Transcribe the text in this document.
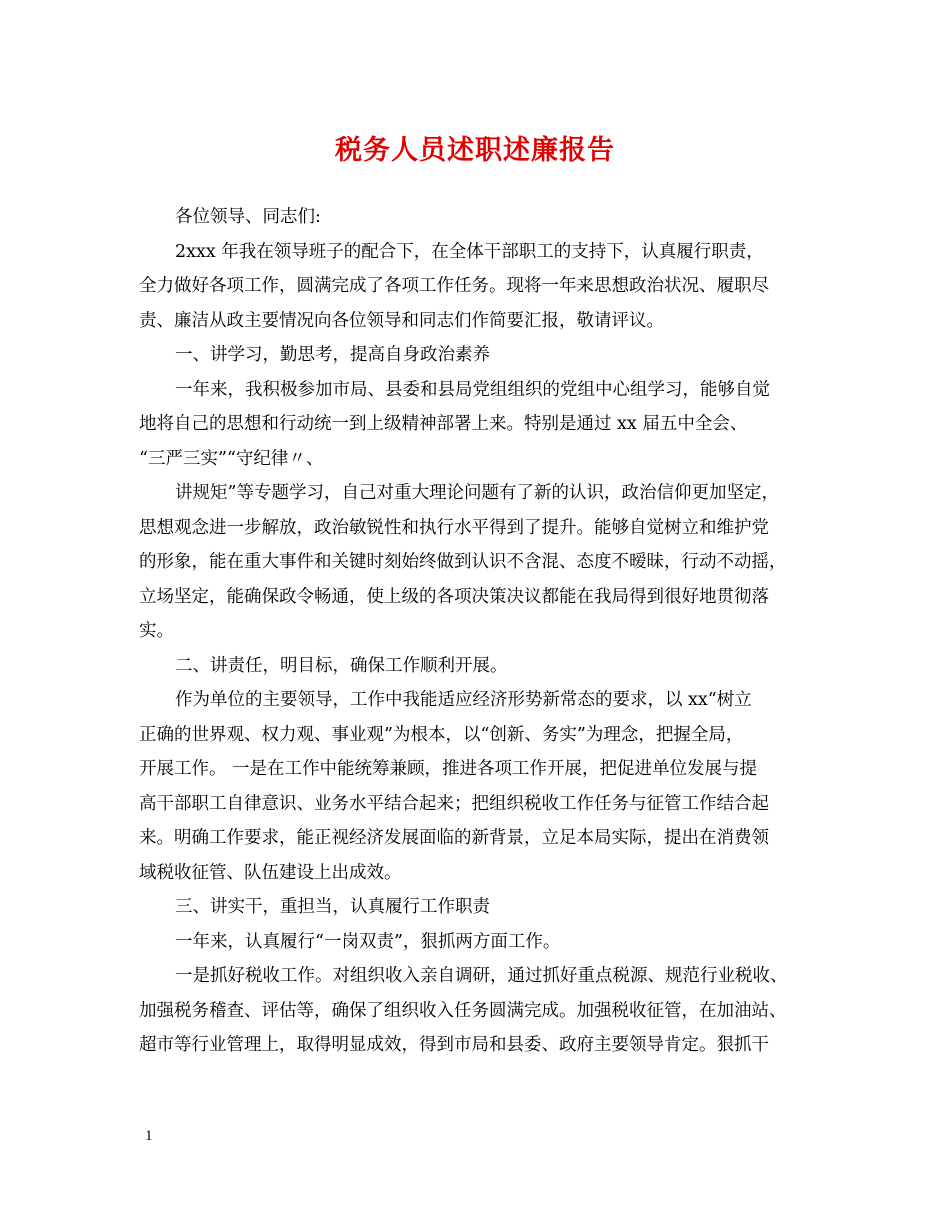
税务人员述职述廉报告
各位领导、同志们:
2xxx 年我在领导班子的配合下，在全体干部职工的支持下，认真履行职责，
全力做好各项工作，圆满完成了各项工作任务。现将一年来思想政治状况、履职尽
责、廉洁从政主要情况向各位领导和同志们作简要汇报，敬请评议。
一、讲学习，勤思考，提高自身政治素养
一年来，我积极参加市局、县委和县局党组组织的党组中心组学习，能够自觉
地将自己的思想和行动统一到上级精神部署上来。特别是通过 xx 届五中全会、
“三严三实”“守纪律〃、
讲规矩”等专题学习，自己对重大理论问题有了新的认识，政治信仰更加坚定，
思想观念进一步解放，政治敏锐性和执行水平得到了提升。能够自觉树立和维护党
的形象，能在重大事件和关键时刻始终做到认识不含混、态度不暧昧，行动不动摇，
立场坚定，能确保政令畅通，使上级的各项决策决议都能在我局得到很好地贯彻落
实。
二、讲责任，明目标，确保工作顺利开展。
作为单位的主要领导，工作中我能适应经济形势新常态的要求，以 xx“树立
正确的世界观、权力观、事业观”为根本，以“创新、务实”为理念，把握全局，
开展工作。 一是在工作中能统筹兼顾，推进各项工作开展，把促进单位发展与提
高干部职工自律意识、业务水平结合起来；把组织税收工作任务与征管工作结合起
来。明确工作要求，能正视经济发展面临的新背景，立足本局实际，提出在消费领
域税收征管、队伍建设上出成效。
三、讲实干，重担当，认真履行工作职责
一年来，认真履行“一岗双责”，狠抓两方面工作。
一是抓好税收工作。对组织收入亲自调研，通过抓好重点税源、规范行业税收、
加强税务稽查、评估等，确保了组织收入任务圆满完成。加强税收征管，在加油站、
超市等行业管理上，取得明显成效，得到市局和县委、政府主要领导肯定。狠抓干
1
